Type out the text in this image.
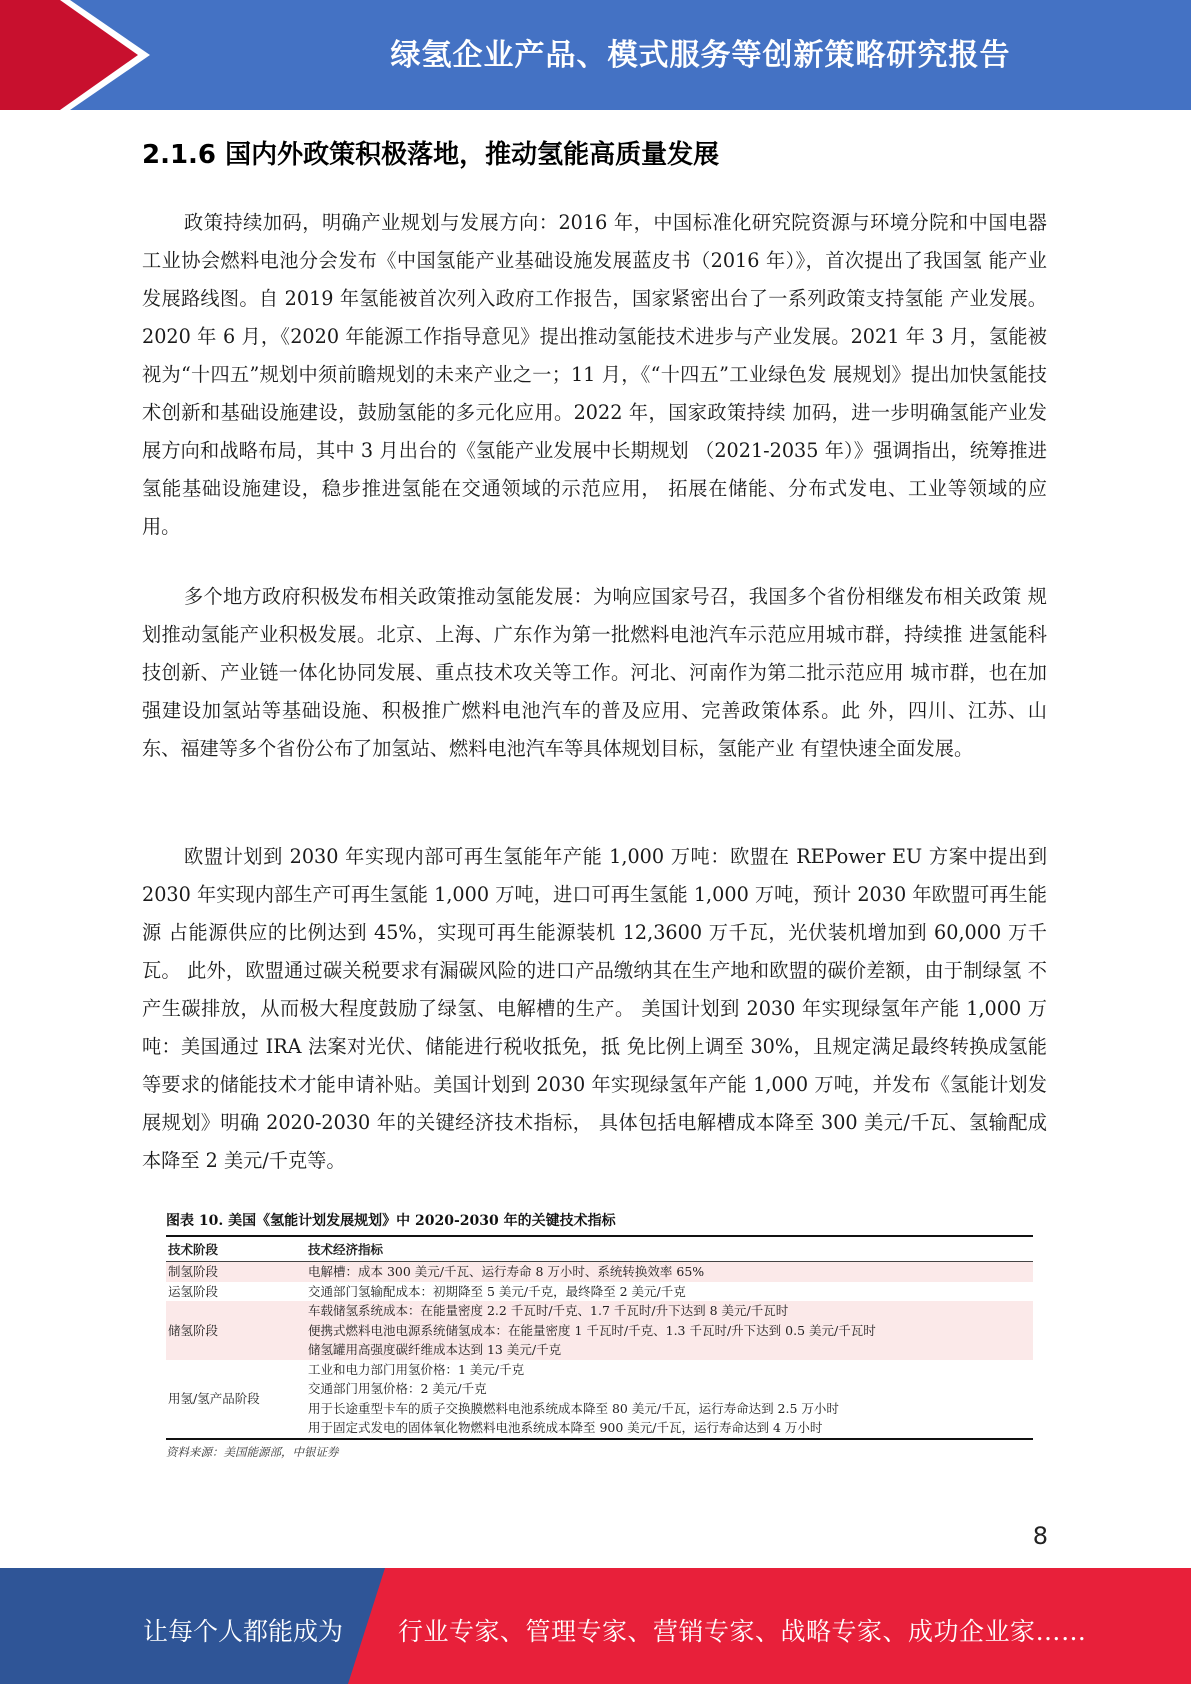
绿氢企业产品、模式服务等创新策略研究报告
2.1.6 国内外政策积极落地，推动氢能高质量发展

政策持续加码，明确产业规划与发展方向：2016 年，中国标准化研究院资源与环境分院和中国电器 工业协会燃料电池分会发布《中国氢能产业基础设施发展蓝皮书（2016 年）》，首次提出了我国氢 能产业发展路线图。自 2019 年氢能被首次列入政府工作报告，国家紧密出台了一系列政策支持氢能 产业发展。2020 年 6 月，《2020 年能源工作指导意见》提出推动氢能技术进步与产业发展。2021 年 3 月，氢能被视为“十四五”规划中须前瞻规划的未来产业之一；11 月，《“十四五”工业绿色发 展规划》提出加快氢能技术创新和基础设施建设，鼓励氢能的多元化应用。2022 年，国家政策持续 加码，进一步明确氢能产业发展方向和战略布局，其中 3 月出台的《氢能产业发展中长期规划 （2021-2035 年）》强调指出，统筹推进氢能基础设施建设，稳步推进氢能在交通领域的示范应用， 拓展在储能、分布式发电、工业等领域的应用。

多个地方政府积极发布相关政策推动氢能发展：为响应国家号召，我国多个省份相继发布相关政策 规划推动氢能产业积极发展。北京、上海、广东作为第一批燃料电池汽车示范应用城市群，持续推 进氢能科技创新、产业链一体化协同发展、重点技术攻关等工作。河北、河南作为第二批示范应用 城市群，也在加强建设加氢站等基础设施、积极推广燃料电池汽车的普及应用、完善政策体系。此 外，四川、江苏、山东、福建等多个省份公布了加氢站、燃料电池汽车等具体规划目标，氢能产业 有望快速全面发展。

欧盟计划到 2030 年实现内部可再生氢能年产能 1,000 万吨：欧盟在 REPower EU 方案中提出到 2030 年实现内部生产可再生氢能 1,000 万吨，进口可再生氢能 1,000 万吨，预计 2030 年欧盟可再生能源 占能源供应的比例达到 45%，实现可再生能源装机 12,3600 万千瓦，光伏装机增加到 60,000 万千瓦。 此外，欧盟通过碳关税要求有漏碳风险的进口产品缴纳其在生产地和欧盟的碳价差额，由于制绿氢 不产生碳排放，从而极大程度鼓励了绿氢、电解槽的生产。 美国计划到 2030 年实现绿氢年产能 1,000 万吨：美国通过 IRA 法案对光伏、储能进行税收抵免，抵 免比例上调至 30%，且规定满足最终转换成氢能等要求的储能技术才能申请补贴。美国计划到 2030 年实现绿氢年产能 1,000 万吨，并发布《氢能计划发展规划》明确 2020-2030 年的关键经济技术指标， 具体包括电解槽成本降至 300 美元/千瓦、氢输配成本降至 2 美元/千克等。

图表 10. 美国《氢能计划发展规划》中 2020-2030 年的关键技术指标
技术阶段	技术经济指标
制氢阶段	电解槽：成本 300 美元/千瓦、运行寿命 8 万小时、系统转换效率 65%

运氢阶段	交通部门氢输配成本：初期降至 5 美元/千克，最终降至 2 美元/千克

储氢阶段	车载储氢系统成本：在能量密度 2.2 千瓦时/千克、1.7 千瓦时/升下达到 8 美元/千瓦时
便携式燃料电池电源系统储氢成本：在能量密度 1 千瓦时/千克、1.3 千瓦时/升下达到 0.5 美元/千瓦时
储氢罐用高强度碳纤维成本达到 13 美元/千克

用氢/氢产品阶段	工业和电力部门用氢价格：1 美元/千克
交通部门用氢价格：2 美元/千克
用于长途重型卡车的质子交换膜燃料电池系统成本降至 80 美元/千瓦，运行寿命达到 2.5 万小时
用于固定式发电的固体氧化物燃料电池系统成本降至 900 美元/千瓦，运行寿命达到 4 万小时
资料来源：美国能源部，中银证券
8
让每个人都能成为 行业专家、管理专家、营销专家、战略专家、成功企业家……
